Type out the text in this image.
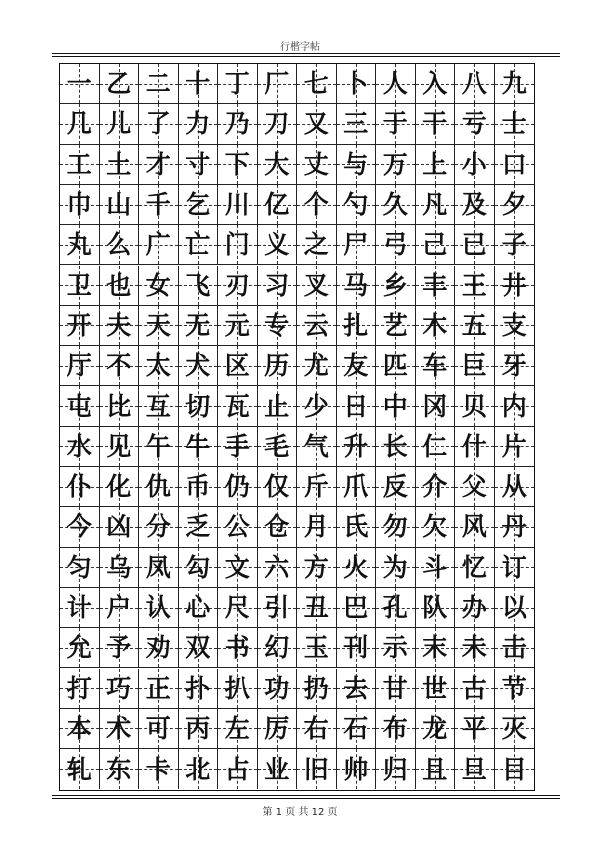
行楷字帖
一 乙 二 十 丁 厂 七 卜 人 入 八 九
几 儿 了 力 乃 刀 又 三 于 干 亏 士
工 土 才 寸 下 大 丈 与 万 上 小 口
巾 山 千 乞 川 亿 个 勺 久 凡 及 夕
丸 么 广 亡 门 义 之 尸 弓 己 已 子
卫 也 女 飞 刃 习 叉 马 乡 丰 王 井
开 夫 天 无 元 专 云 扎 艺 木 五 支
厅 不 太 犬 区 历 尤 友 匹 车 巨 牙
屯 比 互 切 瓦 止 少 日 中 冈 贝 内
水 见 午 牛 手 毛 气 升 长 仁 什 片
仆 化 仇 币 仍 仅 斤 爪 反 介 父 从
今 凶 分 乏 公 仓 月 氏 勿 欠 风 丹
匀 乌 凤 勾 文 六 方 火 为 斗 忆 订
计 户 认 心 尺 引 丑 巴 孔 队 办 以
允 予 劝 双 书 幻 玉 刊 示 末 未 击
打 巧 正 扑 扒 功 扔 去 甘 世 古 节
本 术 可 丙 左 厉 右 石 布 龙 平 灭
轧 东 卡 北 占 业 旧 帅 归 且 旦 目
第 1 页 共 12 页
